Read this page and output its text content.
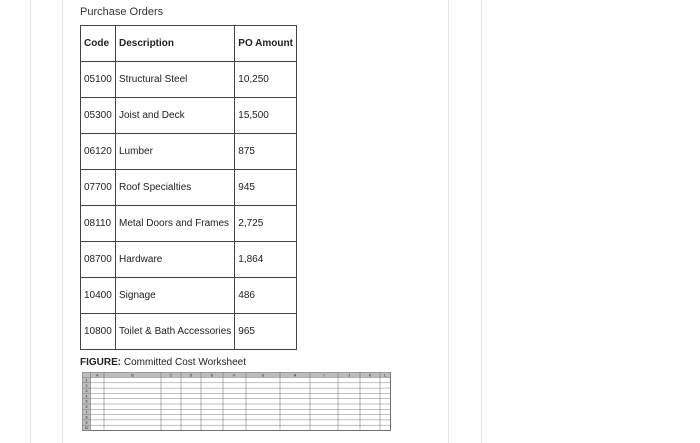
Purchase Orders
Code	Description	PO Amount
05100	Structural Steel	10,250
05300	Joist and Deck	15,500
06120	Lumber	875
07700	Roof Specialties	945
08110	Metal Doors and Frames	2,725
08700	Hardware	1,864
10400	Signage	486
10800	Toilet & Bath Accessories	965
FIGURE: Committed Cost Worksheet
A	B	C	D	E	F	G	H	I	J	K	L
1
2
3
4
5
6
7
8
9
10
